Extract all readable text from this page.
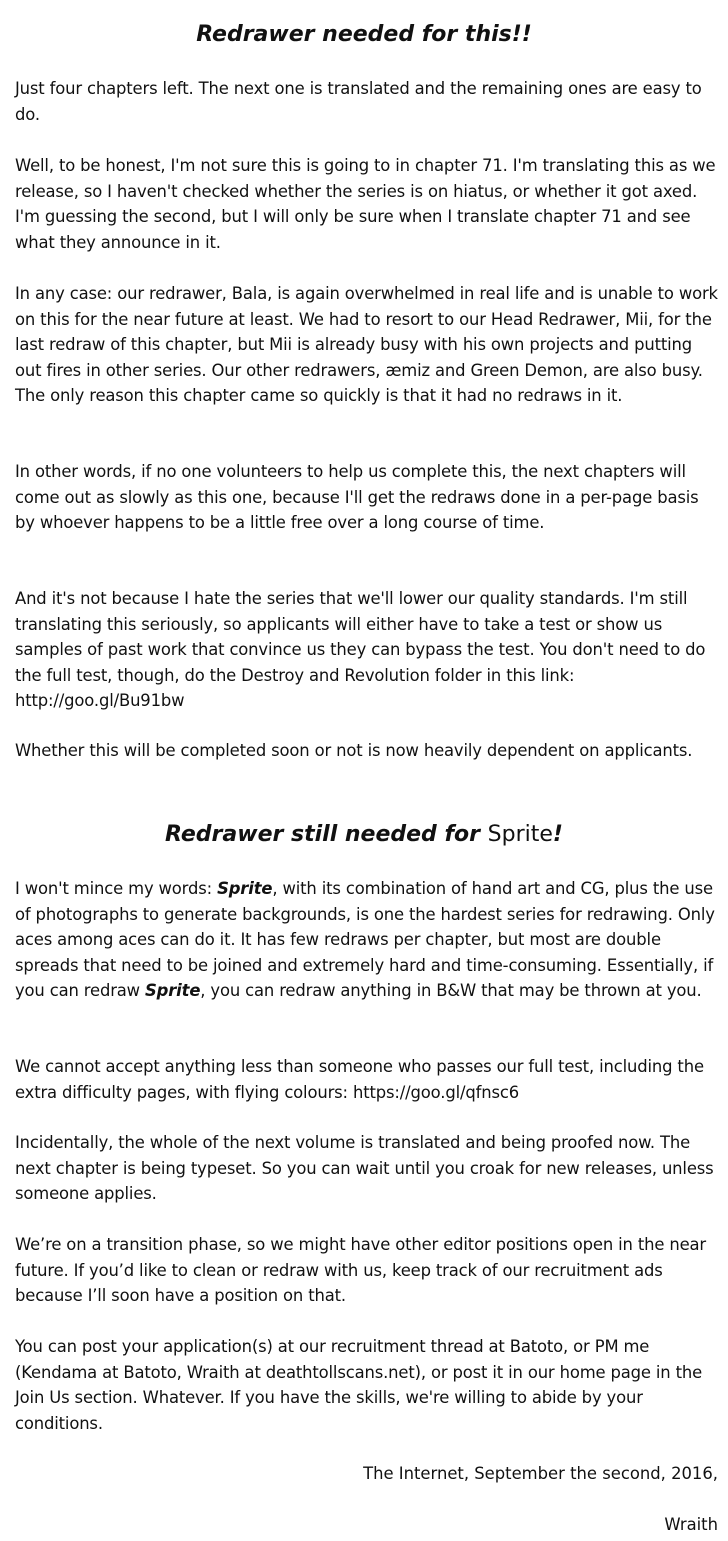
Redrawer needed for this!!

Just four chapters left. The next one is translated and the remaining ones are easy to do.

Well, to be honest, I'm not sure this is going to in chapter 71. I'm translating this as we release, so I haven't checked whether the series is on hiatus, or whether it got axed. I'm guessing the second, but I will only be sure when I translate chapter 71 and see what they announce in it.

In any case: our redrawer, Bala, is again overwhelmed in real life and is unable to work on this for the near future at least. We had to resort to our Head Redrawer, Mii, for the last redraw of this chapter, but Mii is already busy with his own projects and putting out fires in other series. Our other redrawers, æmiz and Green Demon, are also busy. The only reason this chapter came so quickly is that it had no redraws in it.

In other words, if no one volunteers to help us complete this, the next chapters will come out as slowly as this one, because I'll get the redraws done in a per-page basis by whoever happens to be a little free over a long course of time.

And it's not because I hate the series that we'll lower our quality standards. I'm still translating this seriously, so applicants will either have to take a test or show us samples of past work that convince us they can bypass the test. You don't need to do the full test, though, do the Destroy and Revolution folder in this link: http://goo.gl/Bu91bw

Whether this will be completed soon or not is now heavily dependent on applicants.

Redrawer still needed for Sprite!

I won't mince my words: Sprite, with its combination of hand art and CG, plus the use of photographs to generate backgrounds, is one the hardest series for redrawing. Only aces among aces can do it. It has few redraws per chapter, but most are double spreads that need to be joined and extremely hard and time-consuming. Essentially, if you can redraw Sprite, you can redraw anything in B&W that may be thrown at you.

We cannot accept anything less than someone who passes our full test, including the extra difficulty pages, with flying colours: https://goo.gl/qfnsc6

Incidentally, the whole of the next volume is translated and being proofed now. The next chapter is being typeset. So you can wait until you croak for new releases, unless someone applies.

We’re on a transition phase, so we might have other editor positions open in the near future. If you’d like to clean or redraw with us, keep track of our recruitment ads because I’ll soon have a position on that.

You can post your application(s) at our recruitment thread at Batoto, or PM me (Kendama at Batoto, Wraith at deathtollscans.net), or post it in our home page in the Join Us section. Whatever. If you have the skills, we're willing to abide by your conditions.

The Internet, September the second, 2016,

Wraith
